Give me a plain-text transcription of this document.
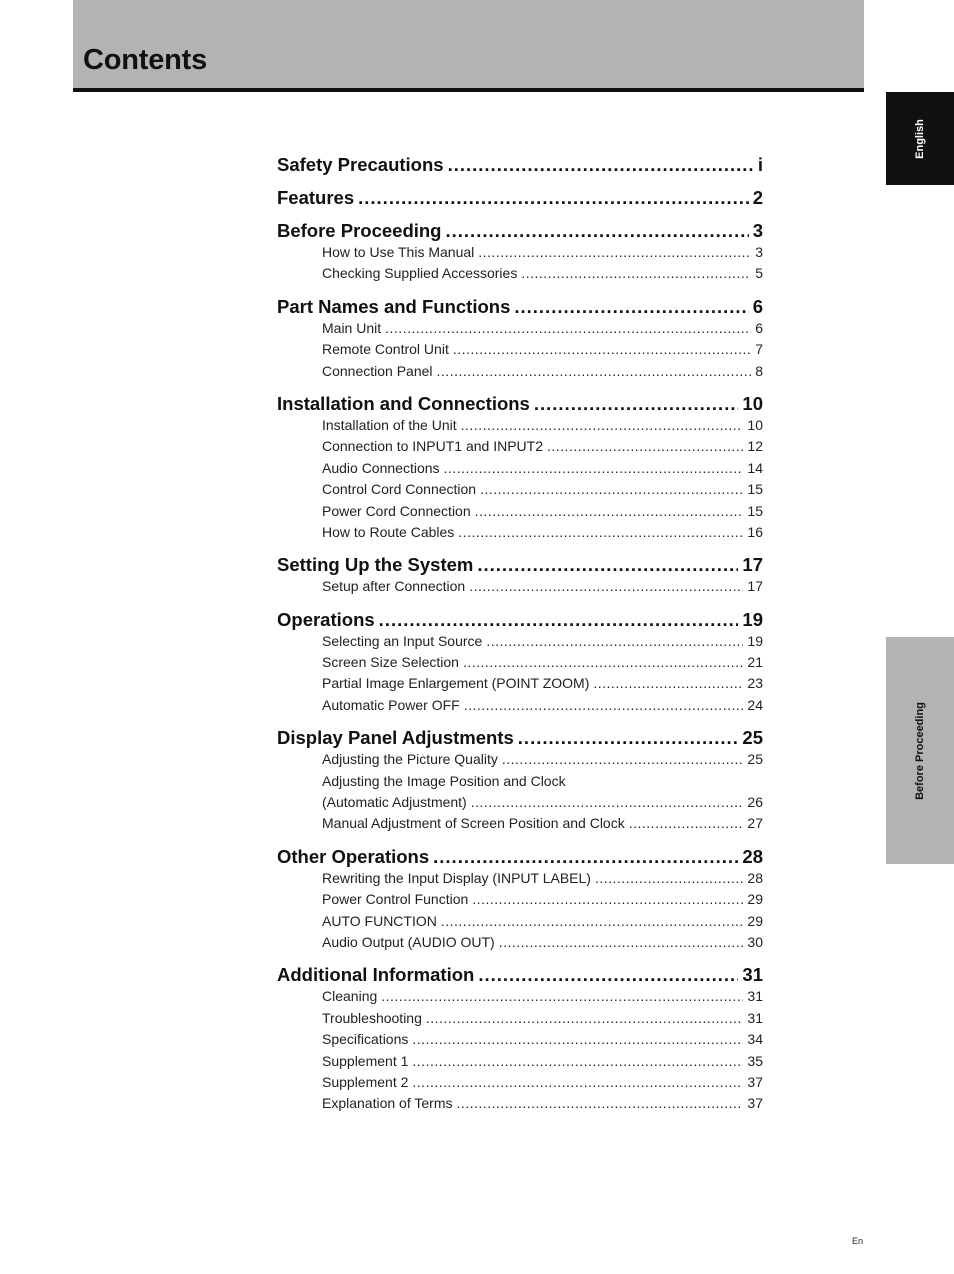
Contents
English
Before Proceeding
Safety Precautions .....	i
Features .....	2
Before Proceeding .....	3
How to Use This Manual .....	3
Checking Supplied Accessories .....	5
Part Names and Functions .....	6
Main Unit .....	6
Remote Control Unit .....	7
Connection Panel .....	8
Installation and Connections .....	10
Installation of the Unit .....	10
Connection to INPUT1 and INPUT2 .....	12
Audio Connections .....	14
Control Cord Connection .....	15
Power Cord Connection .....	15
How to Route Cables .....	16
Setting Up the System .....	17
Setup after Connection .....	17
Operations .....	19
Selecting an Input Source .....	19
Screen Size Selection .....	21
Partial Image Enlargement (POINT ZOOM) .....	23
Automatic Power OFF .....	24
Display Panel Adjustments .....	25
Adjusting the Picture Quality .....	25
Adjusting the Image Position and Clock
(Automatic Adjustment) .....	26
Manual Adjustment of Screen Position and Clock .....	27
Other Operations .....	28
Rewriting the Input Display (INPUT LABEL) .....	28
Power Control Function .....	29
AUTO FUNCTION .....	29
Audio Output (AUDIO OUT) .....	30
Additional Information .....	31
Cleaning .....	31
Troubleshooting .....	31
Specifications .....	34
Supplement 1 .....	35
Supplement 2 .....	37
Explanation of Terms .....	37
En
